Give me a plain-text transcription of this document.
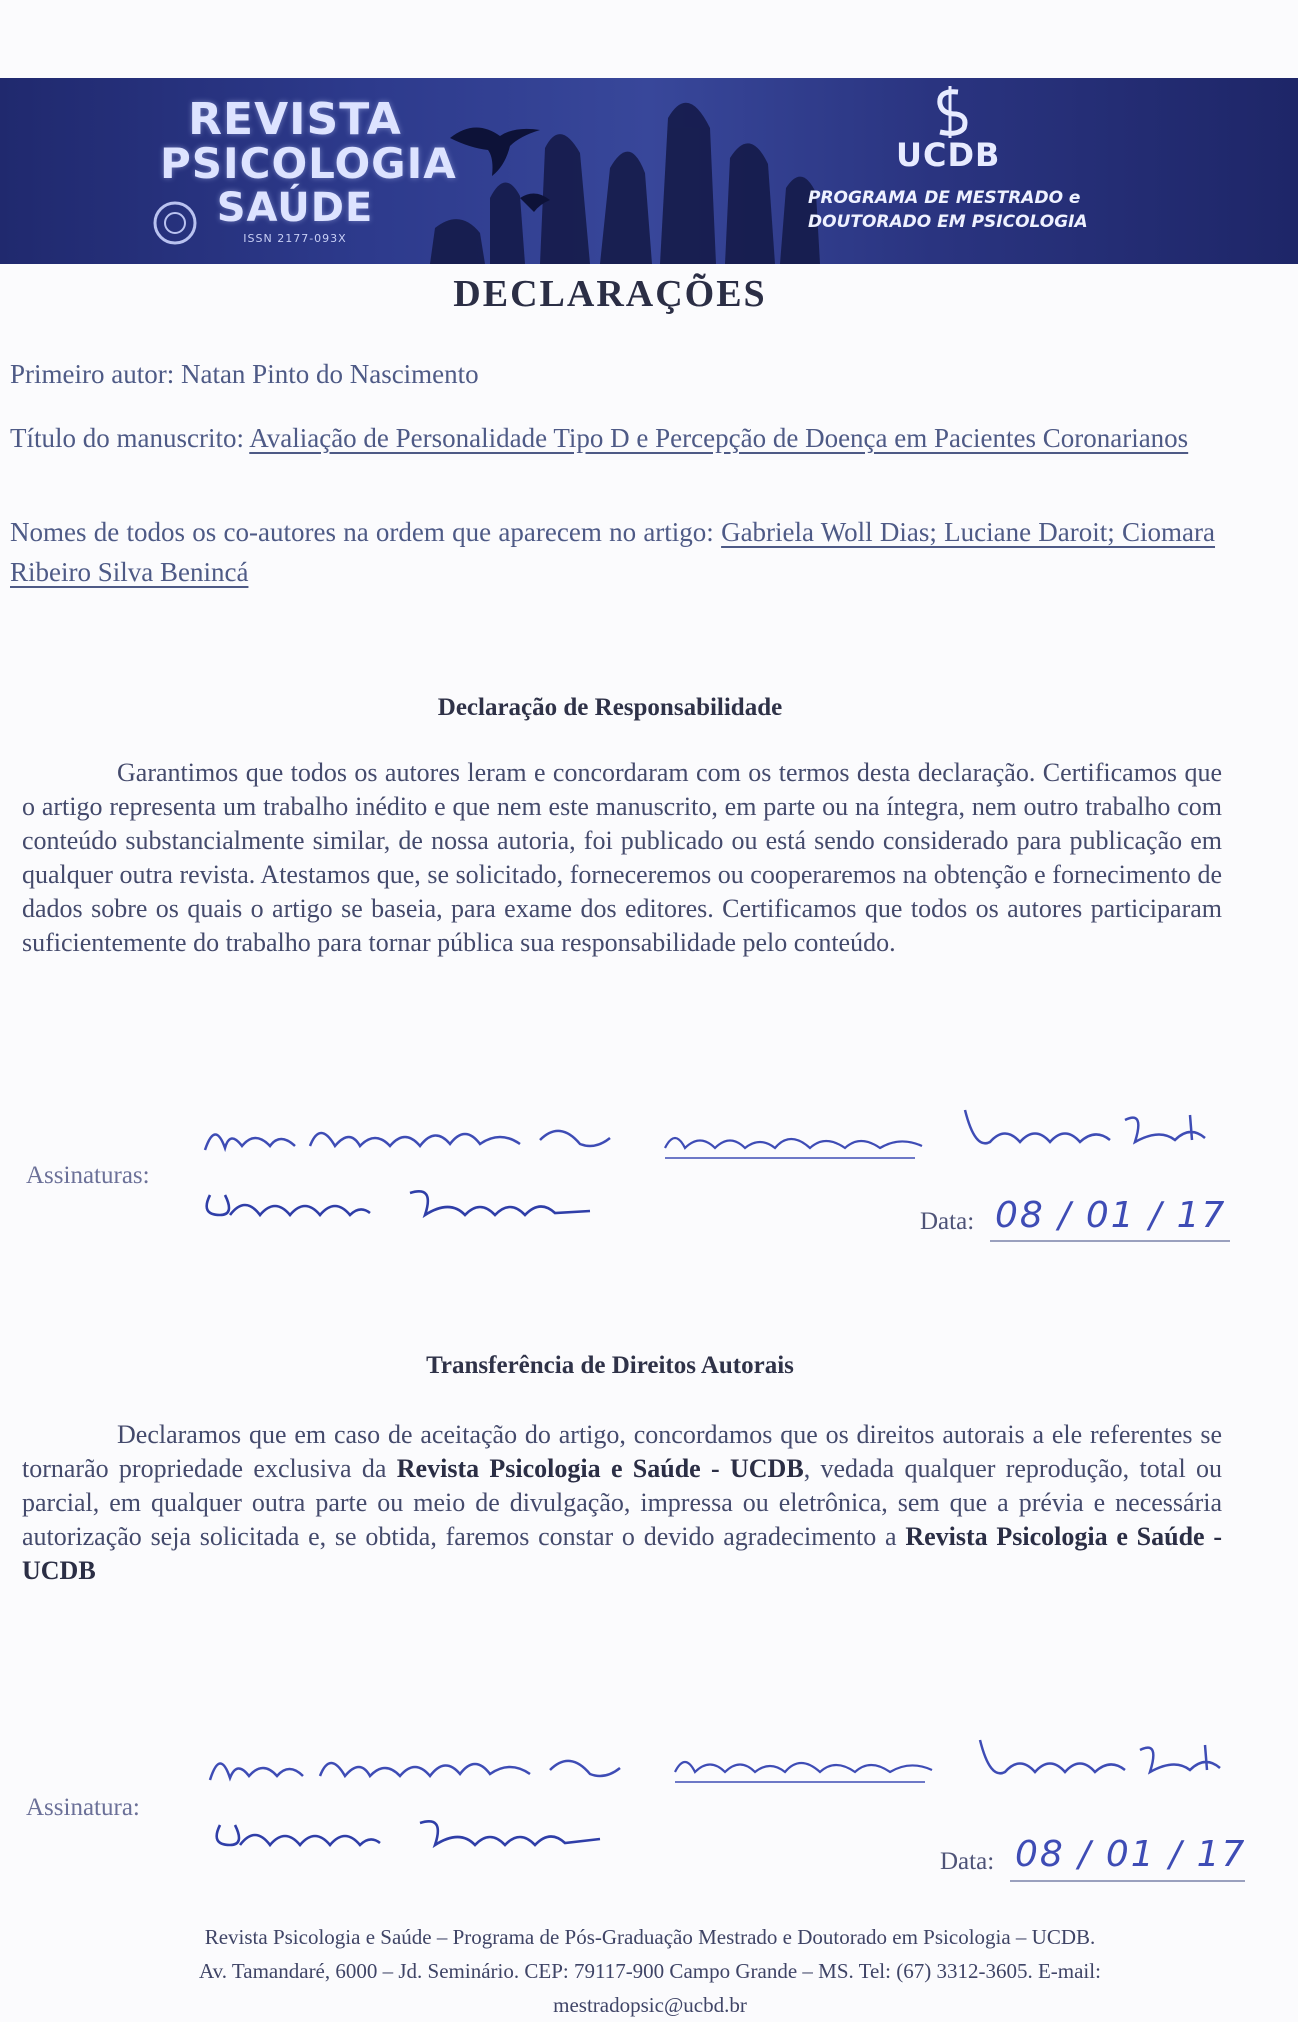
REVISTA
PSICOLOGIA
SAÚDE
ISSN 2177-093X
UCDB
PROGRAMA DE MESTRADO e
DOUTORADO EM PSICOLOGIA
DECLARAÇÕES
Primeiro autor: Natan Pinto do Nascimento
Título do manuscrito: Avaliação de Personalidade Tipo D e Percepção de Doença em Pacientes Coronarianos
Nomes de todos os co-autores na ordem que aparecem no artigo: Gabriela Woll Dias; Luciane Daroit; Ciomara Ribeiro Silva Benincá
Declaração de Responsabilidade
Garantimos que todos os autores leram e concordaram com os termos desta declaração. Certificamos que o artigo representa um trabalho inédito e que nem este manuscrito, em parte ou na íntegra, nem outro trabalho com conteúdo substancialmente similar, de nossa autoria, foi publicado ou está sendo considerado para publicação em qualquer outra revista. Atestamos que, se solicitado, forneceremos ou cooperaremos na obtenção e fornecimento de dados sobre os quais o artigo se baseia, para exame dos editores. Certificamos que todos os autores participaram suficientemente do trabalho para tornar pública sua responsabilidade pelo conteúdo.
Assinaturas:
Data: 08 / 01 / 17
Transferência de Direitos Autorais
Declaramos que em caso de aceitação do artigo, concordamos que os direitos autorais a ele referentes se tornarão propriedade exclusiva da Revista Psicologia e Saúde - UCDB, vedada qualquer reprodução, total ou parcial, em qualquer outra parte ou meio de divulgação, impressa ou eletrônica, sem que a prévia e necessária autorização seja solicitada e, se obtida, faremos constar o devido agradecimento a Revista Psicologia e Saúde - UCDB
Assinatura:
Data: 08 / 01 / 17
Revista Psicologia e Saúde – Programa de Pós-Graduação Mestrado e Doutorado em Psicologia – UCDB.
Av. Tamandaré, 6000 – Jd. Seminário. CEP: 79117-900 Campo Grande – MS. Tel: (67) 3312-3605. E-mail:
mestradopsic@ucbd.br
